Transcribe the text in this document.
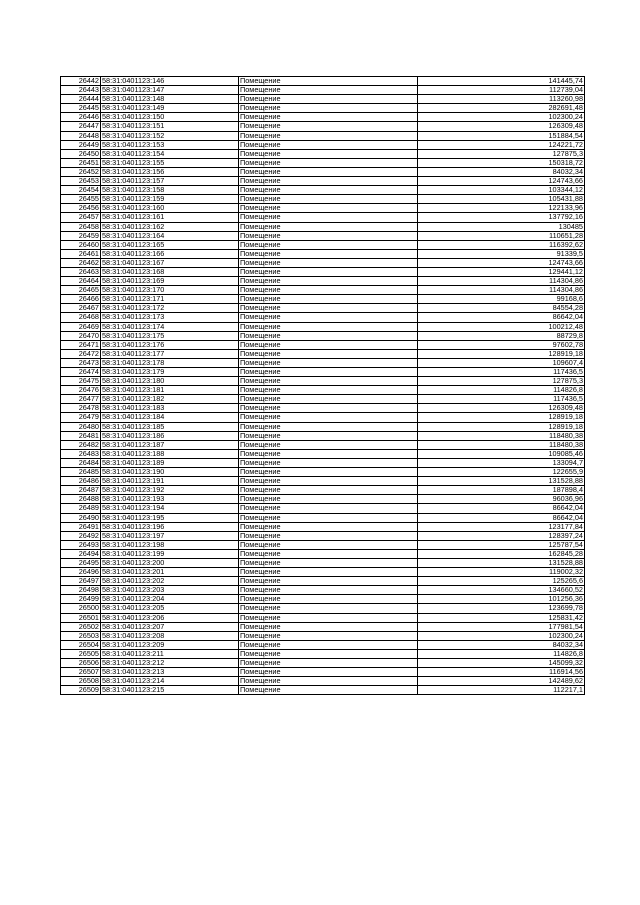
26442	58:31:0401123:146	Помещение	141445,74
26443	58:31:0401123:147	Помещение	112739,04
26444	58:31:0401123:148	Помещение	113260,98
26445	58:31:0401123:149	Помещение	282691,48
26446	58:31:0401123:150	Помещение	102300,24
26447	58:31:0401123:151	Помещение	126309,48
26448	58:31:0401123:152	Помещение	151884,54
26449	58:31:0401123:153	Помещение	124221,72
26450	58:31:0401123:154	Помещение	127875,3
26451	58:31:0401123:155	Помещение	150318,72
26452	58:31:0401123:156	Помещение	84032,34
26453	58:31:0401123:157	Помещение	124743,66
26454	58:31:0401123:158	Помещение	103344,12
26455	58:31:0401123:159	Помещение	105431,88
26456	58:31:0401123:160	Помещение	122133,96
26457	58:31:0401123:161	Помещение	137792,16
26458	58:31:0401123:162	Помещение	130485
26459	58:31:0401123:164	Помещение	110651,28
26460	58:31:0401123:165	Помещение	116392,62
26461	58:31:0401123:166	Помещение	91339,5
26462	58:31:0401123:167	Помещение	124743,66
26463	58:31:0401123:168	Помещение	129441,12
26464	58:31:0401123:169	Помещение	114304,86
26465	58:31:0401123:170	Помещение	114304,86
26466	58:31:0401123:171	Помещение	99168,6
26467	58:31:0401123:172	Помещение	84554,28
26468	58:31:0401123:173	Помещение	86642,04
26469	58:31:0401123:174	Помещение	100212,48
26470	58:31:0401123:175	Помещение	88729,8
26471	58:31:0401123:176	Помещение	97602,78
26472	58:31:0401123:177	Помещение	128919,18
26473	58:31:0401123:178	Помещение	109607,4
26474	58:31:0401123:179	Помещение	117436,5
26475	58:31:0401123:180	Помещение	127875,3
26476	58:31:0401123:181	Помещение	114826,8
26477	58:31:0401123:182	Помещение	117436,5
26478	58:31:0401123:183	Помещение	126309,48
26479	58:31:0401123:184	Помещение	128919,18
26480	58:31:0401123:185	Помещение	128919,18
26481	58:31:0401123:186	Помещение	118480,38
26482	58:31:0401123:187	Помещение	118480,38
26483	58:31:0401123:188	Помещение	109085,46
26484	58:31:0401123:189	Помещение	133094,7
26485	58:31:0401123:190	Помещение	122655,9
26486	58:31:0401123:191	Помещение	131528,88
26487	58:31:0401123:192	Помещение	187898,4
26488	58:31:0401123:193	Помещение	96036,96
26489	58:31:0401123:194	Помещение	86642,04
26490	58:31:0401123:195	Помещение	86642,04
26491	58:31:0401123:196	Помещение	123177,84
26492	58:31:0401123:197	Помещение	128397,24
26493	58:31:0401123:198	Помещение	125787,54
26494	58:31:0401123:199	Помещение	162845,28
26495	58:31:0401123:200	Помещение	131528,88
26496	58:31:0401123:201	Помещение	119002,32
26497	58:31:0401123:202	Помещение	125265,6
26498	58:31:0401123:203	Помещение	134660,52
26499	58:31:0401123:204	Помещение	101256,36
26500	58:31:0401123:205	Помещение	123699,78
26501	58:31:0401123:206	Помещение	125831,42
26502	58:31:0401123:207	Помещение	177981,54
26503	58:31:0401123:208	Помещение	102300,24
26504	58:31:0401123:209	Помещение	84032,34
26505	58:31:0401123:211	Помещение	114826,8
26506	58:31:0401123:212	Помещение	145099,32
26507	58:31:0401123:213	Помещение	116914,56
26508	58:31:0401123:214	Помещение	142489,62
26509	58:31:0401123:215	Помещение	112217,1
